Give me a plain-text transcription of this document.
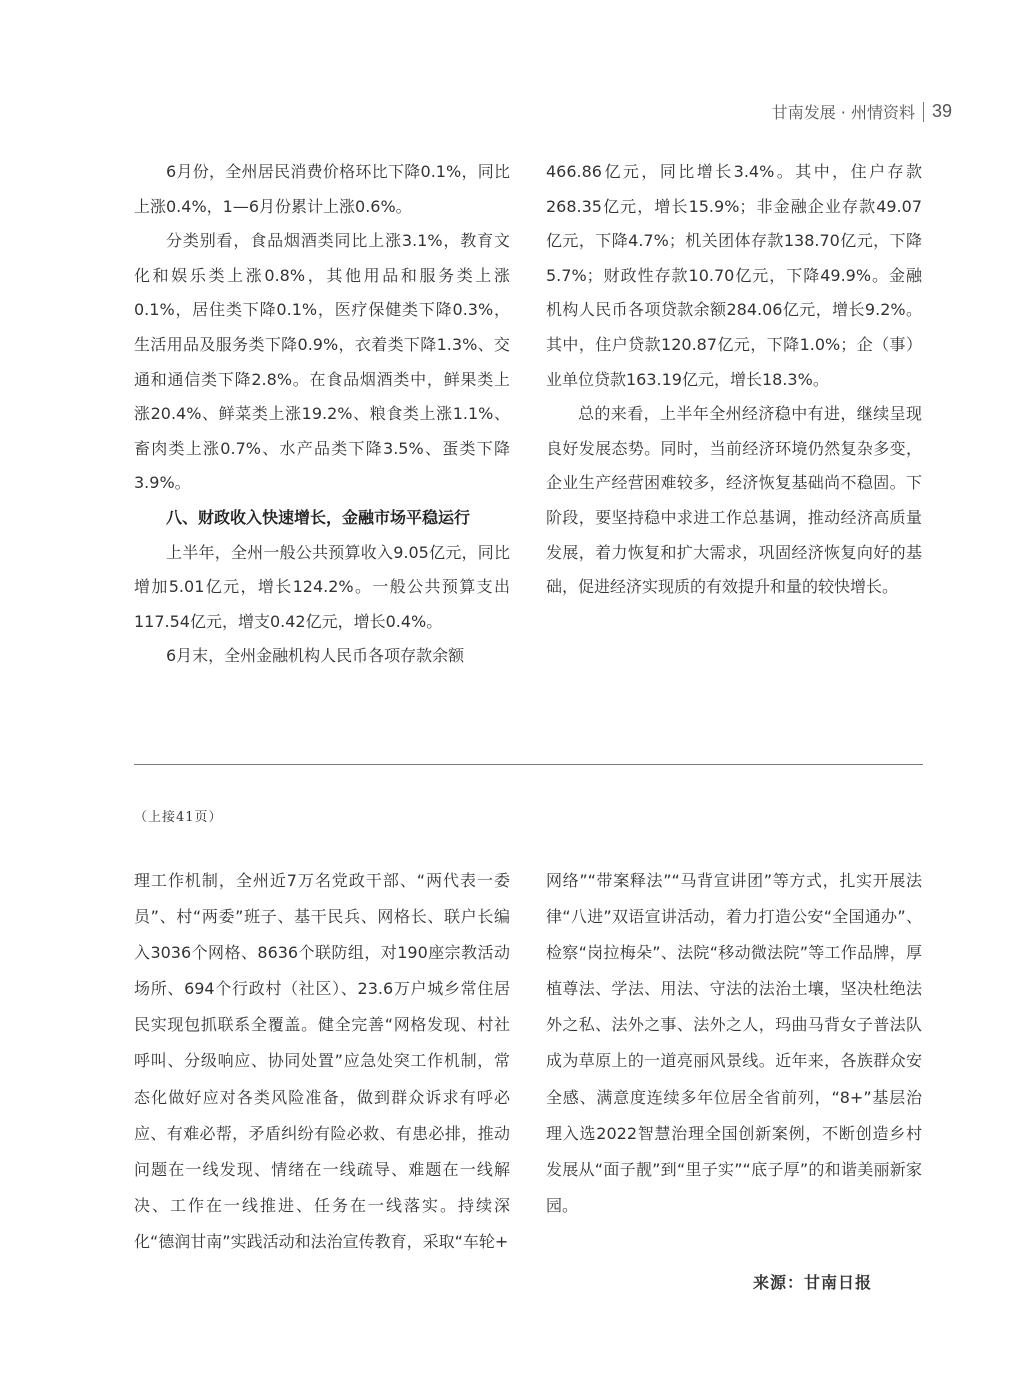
甘南发展 · 州情资料 39

6月份，全州居民消费价格环比下降0.1%，同比上涨0.4%，1—6月份累计上涨0.6%。

分类别看，食品烟酒类同比上涨3.1%，教育文化和娱乐类上涨0.8%，其他用品和服务类上涨0.1%，居住类下降0.1%，医疗保健类下降0.3%，生活用品及服务类下降0.9%，衣着类下降1.3%、交通和通信类下降2.8%。在食品烟酒类中，鲜果类上涨20.4%、鲜菜类上涨19.2%、粮食类上涨1.1%、畜肉类上涨0.7%、水产品类下降3.5%、蛋类下降3.9%。

八、财政收入快速增长，金融市场平稳运行

上半年，全州一般公共预算收入9.05亿元，同比增加5.01亿元，增长124.2%。一般公共预算支出117.54亿元，增支0.42亿元，增长0.4%。

6月末，全州金融机构人民币各项存款余额

466.86亿元，同比增长3.4%。其中，住户存款268.35亿元，增长15.9%；非金融企业存款49.07亿元，下降4.7%；机关团体存款138.70亿元，下降5.7%；财政性存款10.70亿元，下降49.9%。金融机构人民币各项贷款余额284.06亿元，增长9.2%。其中，住户贷款120.87亿元，下降1.0%；企（事）业单位贷款163.19亿元，增长18.3%。

总的来看，上半年全州经济稳中有进，继续呈现良好发展态势。同时，当前经济环境仍然复杂多变，企业生产经营困难较多，经济恢复基础尚不稳固。下阶段，要坚持稳中求进工作总基调，推动经济高质量发展，着力恢复和扩大需求，巩固经济恢复向好的基础，促进经济实现质的有效提升和量的较快增长。

（上接41页）

理工作机制，全州近7万名党政干部、“两代表一委员”、村“两委”班子、基干民兵、网格长、联户长编入3036个网格、8636个联防组，对190座宗教活动场所、694个行政村（社区）、23.6万户城乡常住居民实现包抓联系全覆盖。健全完善“网格发现、村社呼叫、分级响应、协同处置”应急处突工作机制，常态化做好应对各类风险准备，做到群众诉求有呼必应、有难必帮，矛盾纠纷有险必救、有患必排，推动问题在一线发现、情绪在一线疏导、难题在一线解决、工作在一线推进、任务在一线落实。持续深化“德润甘南”实践活动和法治宣传教育，采取“车轮+

网络”“带案释法”“马背宣讲团”等方式，扎实开展法律“八进”双语宣讲活动，着力打造公安“全国通办”、检察“岗拉梅朵”、法院“移动微法院”等工作品牌，厚植尊法、学法、用法、守法的法治土壤，坚决杜绝法外之私、法外之事、法外之人，玛曲马背女子普法队成为草原上的一道亮丽风景线。近年来，各族群众安全感、满意度连续多年位居全省前列，“8+”基层治理入选2022智慧治理全国创新案例，不断创造乡村发展从“面子靓”到“里子实”“底子厚”的和谐美丽新家园。

来源：甘南日报
